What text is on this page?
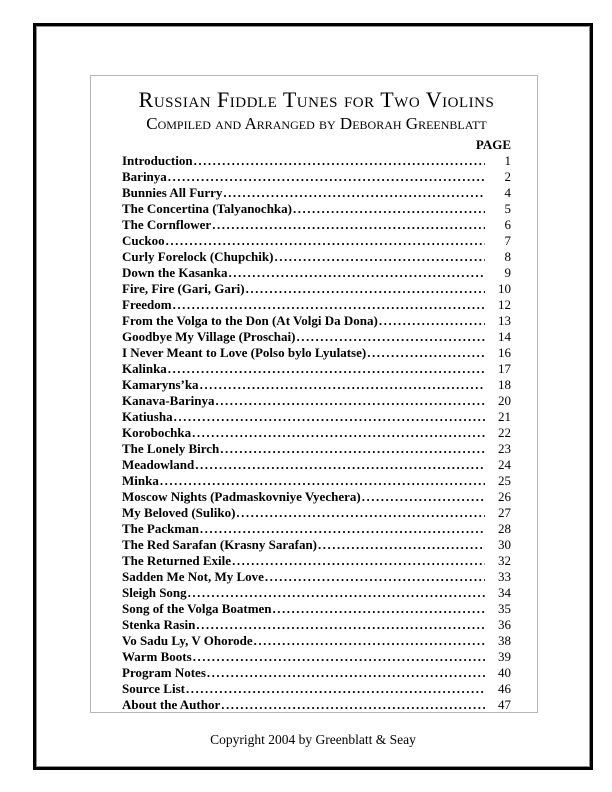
Russian Fiddle Tunes for Two Violins
Compiled and Arranged by Deborah Greenblatt
PAGE
Introduction .....	1
Barinya .....	2
Bunnies All Furry .....	4
The Concertina (Talyanochka) .....	5
The Cornflower .....	6
Cuckoo .....	7
Curly Forelock (Chupchik) .....	8
Down the Kasanka .....	9
Fire, Fire (Gari, Gari) .....	10
Freedom .....	12
From the Volga to the Don (At Volgi Da Dona) .....	13
Goodbye My Village (Proschai) .....	14
I Never Meant to Love (Polso bylo Lyulatse) .....	16
Kalinka .....	17
Kamaryns’ka .....	18
Kanava-Barinya .....	20
Katiusha .....	21
Korobochka .....	22
The Lonely Birch .....	23
Meadowland .....	24
Minka .....	25
Moscow Nights (Padmaskovniye Vyechera) .....	26
My Beloved (Suliko) .....	27
The Packman .....	28
The Red Sarafan (Krasny Sarafan) .....	30
The Returned Exile .....	32
Sadden Me Not, My Love .....	33
Sleigh Song .....	34
Song of the Volga Boatmen .....	35
Stenka Rasin .....	36
Vo Sadu Ly, V Ohorode .....	38
Warm Boots .....	39
Program Notes .....	40
Source List .....	46
About the Author .....	47
Copyright 2004 by Greenblatt & Seay
